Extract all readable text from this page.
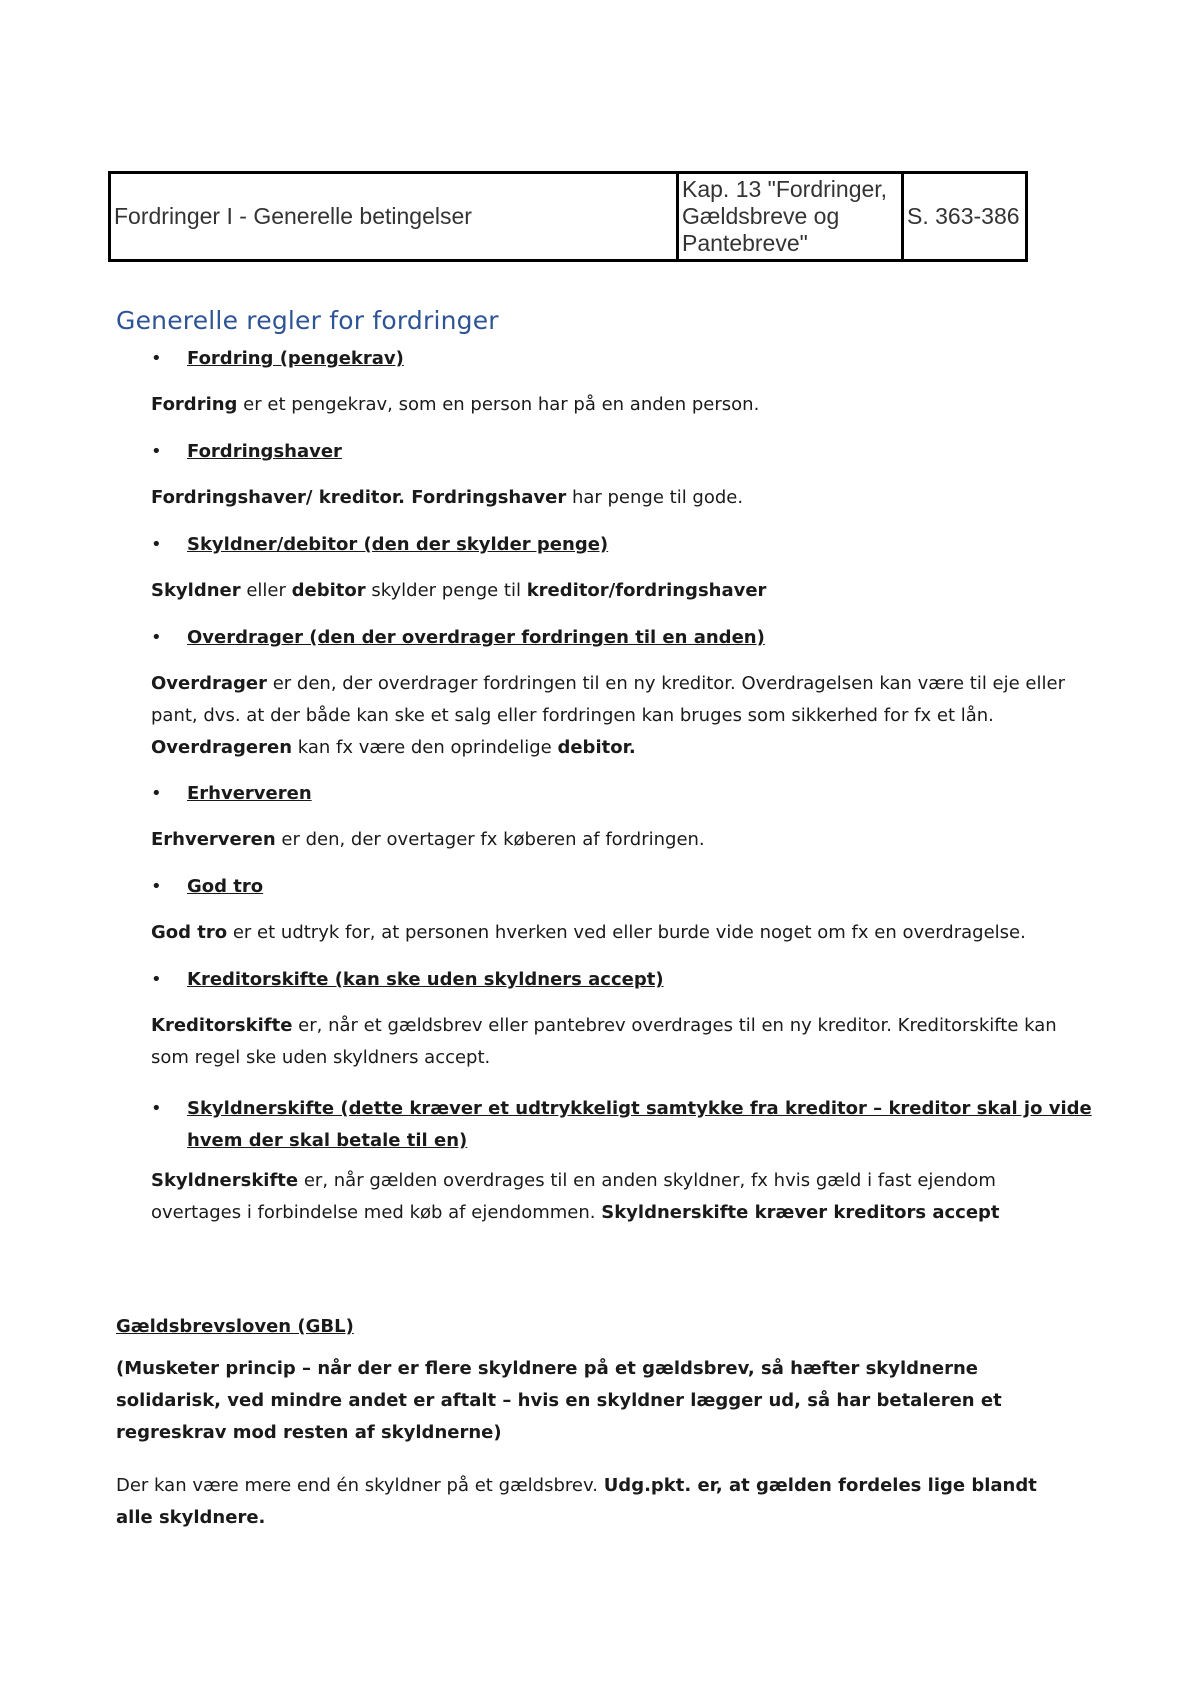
Fordringer I - Generelle betingelser	Kap. 13 "Fordringer, Gældsbreve og Pantebreve"	S. 363-386
Generelle regler for fordringer
• Fordring (pengekrav)

Fordring er et pengekrav, som en person har på en anden person.

• Fordringshaver

Fordringshaver/ kreditor. Fordringshaver har penge til gode.

• Skyldner/debitor (den der skylder penge)

Skyldner eller debitor skylder penge til kreditor/fordringshaver

• Overdrager (den der overdrager fordringen til en anden)

Overdrager er den, der overdrager fordringen til en ny kreditor. Overdragelsen kan være til eje eller pant, dvs. at der både kan ske et salg eller fordringen kan bruges som sikkerhed for fx et lån. Overdrageren kan fx være den oprindelige debitor.

• Erhververen

Erhververen er den, der overtager fx køberen af fordringen.

• God tro

God tro er et udtryk for, at personen hverken ved eller burde vide noget om fx en overdragelse.

• Kreditorskifte (kan ske uden skyldners accept)

Kreditorskifte er, når et gældsbrev eller pantebrev overdrages til en ny kreditor. Kreditorskifte kan som regel ske uden skyldners accept.

•	Skyldnerskifte (dette kræver et udtrykkeligt samtykke fra kreditor – kreditor skal jo vide hvem der skal betale til en)

Skyldnerskifte er, når gælden overdrages til en anden skyldner, fx hvis gæld i fast ejendom overtages i forbindelse med køb af ejendommen. Skyldnerskifte kræver kreditors accept

Gældsbrevsloven (GBL)

(Musketer princip – når der er flere skyldnere på et gældsbrev, så hæfter skyldnerne solidarisk, ved mindre andet er aftalt – hvis en skyldner lægger ud, så har betaleren et regreskrav mod resten af skyldnerne)

Der kan være mere end én skyldner på et gældsbrev. Udg.pkt. er, at gælden fordeles lige blandt alle skyldnere.
